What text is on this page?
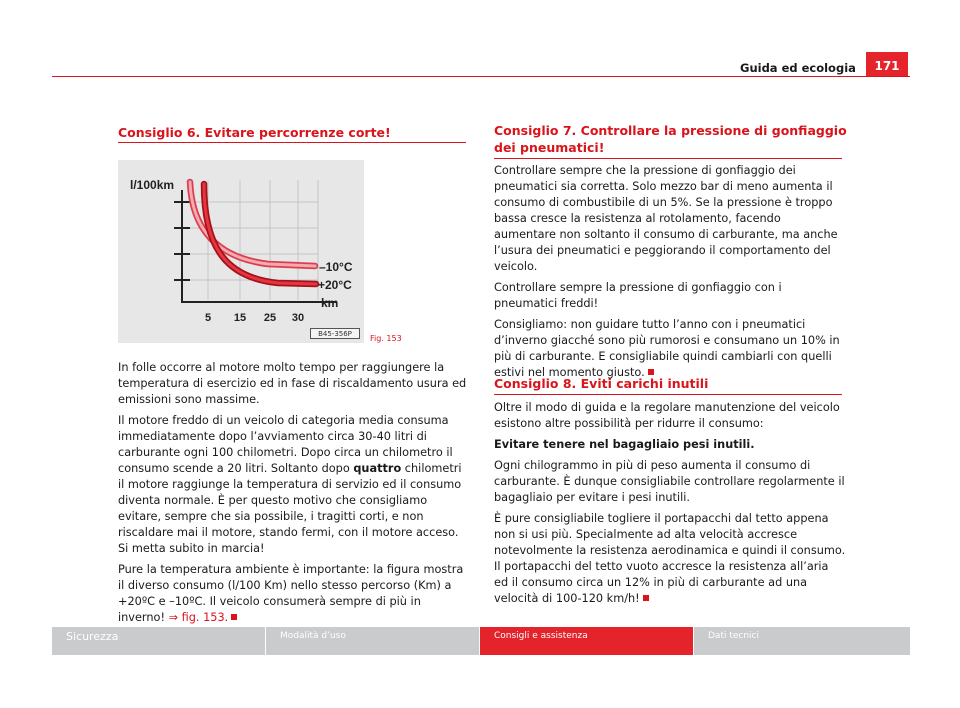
Guida ed ecologia	171
Consiglio 6. Evitare percorrenze corte!
l/100km
–10°C
+20°C
km
5 15 25 30
B45-356P	Fig. 153

In folle occorre al motore molto tempo per raggiungere la temperatura di esercizio ed in fase di riscaldamento usura ed emissioni sono massime.

Il motore freddo di un veicolo di categoria media consuma immediatamente dopo l’avviamento circa 30-40 litri di carburante ogni 100 chilometri. Dopo circa un chilometro il consumo scende a 20 litri. Soltanto dopo quattro chilometri il motore raggiunge la temperatura di servizio ed il consumo diventa normale. È per questo motivo che consigliamo evitare, sempre che sia possibile, i tragitti corti, e non riscaldare mai il motore, stando fermi, con il motore acceso. Si metta subito in marcia!

Pure la temperatura ambiente è importante: la figura mostra il diverso consumo (l/100 Km) nello stesso percorso (Km) a +20ºC e –10ºC. Il veicolo consumerà sempre di più in inverno! ⇒ fig. 153.

Consiglio 7. Controllare la pressione di gonfiaggio dei pneumatici!

Controllare sempre che la pressione di gonfiaggio dei pneumatici sia corretta. Solo mezzo bar di meno aumenta il consumo di combustibile di un 5%. Se la pressione è troppo bassa cresce la resistenza al rotolamento, facendo aumentare non soltanto il consumo di carburante, ma anche l’usura dei pneumatici e peggiorando il comportamento del veicolo.

Controllare sempre la pressione di gonfiaggio con i pneumatici freddi!

Consigliamo: non guidare tutto l’anno con i pneumatici d’inverno giacché sono più rumorosi e consumano un 10% in più di carburante. E consigliabile quindi cambiarli con quelli estivi nel momento giusto.

Consiglio 8. Eviti carichi inutili

Oltre il modo di guida e la regolare manutenzione del veicolo esistono altre possibilità per ridurre il consumo:

Evitare tenere nel bagagliaio pesi inutili.

Ogni chilogrammo in più di peso aumenta il consumo di carburante. È dunque consigliabile controllare regolarmente il bagagliaio per evitare i pesi inutili.

È pure consigliabile togliere il portapacchi dal tetto appena non si usi più. Specialmente ad alta velocità accresce notevolmente la resistenza aerodinamica e quindi il consumo. Il portapacchi del tetto vuoto accresce la resistenza all’aria ed il consumo circa un 12% in più di carburante ad una velocità di 100-120 km/h!

Sicurezza	Modalità d’uso	Consigli e assistenza	Dati tecnici
